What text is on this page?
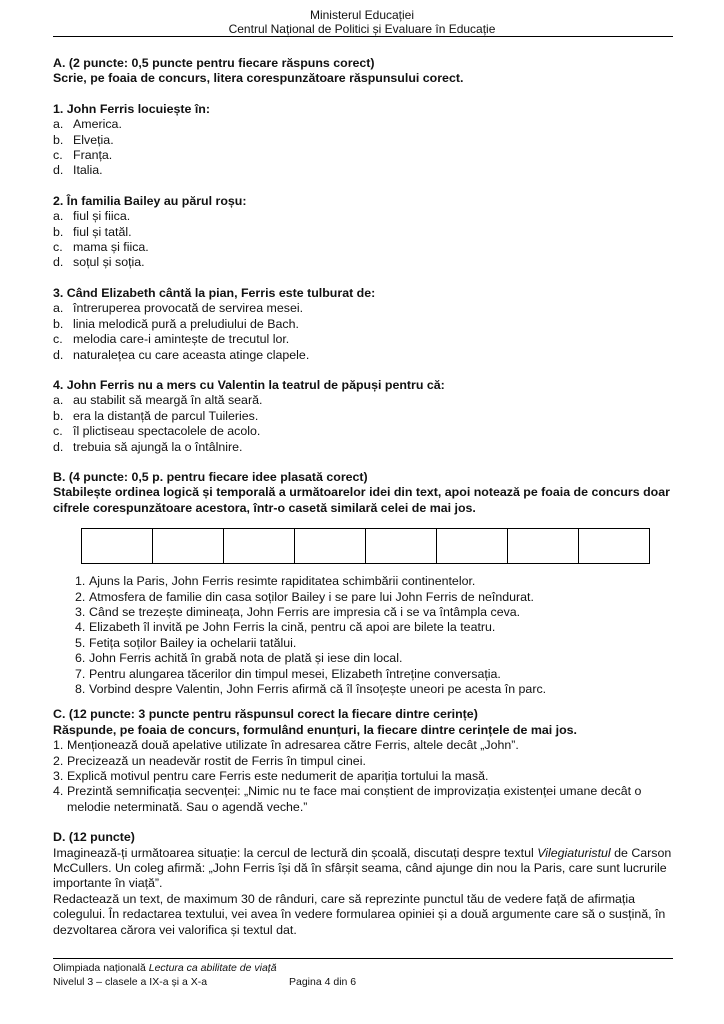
Ministerul Educației
Centrul Național de Politici și Evaluare în Educație

A. (2 puncte: 0,5 puncte pentru fiecare răspuns corect)

Scrie, pe foaia de concurs, litera corespunzătoare răspunsului corect.

1. John Ferris locuiește în:

a. America.
b. Elveția.
c. Franța.
d. Italia.

2. În familia Bailey au părul roșu:

a. fiul și fiica.
b. fiul și tatăl.
c. mama și fiica.
d. soțul și soția.

3. Când Elizabeth cântă la pian, Ferris este tulburat de:

a. întreruperea provocată de servirea mesei.
b. linia melodică pură a preludiului de Bach.
c. melodia care-i amintește de trecutul lor.
d. naturalețea cu care aceasta atinge clapele.

4. John Ferris nu a mers cu Valentin la teatrul de păpuși pentru că:

a. au stabilit să meargă în altă seară.
b. era la distanță de parcul Tuileries.
c. îl plictiseau spectacolele de acolo.
d. trebuia să ajungă la o întâlnire.

B. (4 puncte: 0,5 p. pentru fiecare idee plasată corect)

Stabilește ordinea logică și temporală a următoarelor idei din text, apoi notează pe foaia de concurs doar cifrele corespunzătoare acestora, într-o casetă similară celei de mai jos.

1. Ajuns la Paris, John Ferris resimte rapiditatea schimbării continentelor.
2. Atmosfera de familie din casa soților Bailey i se pare lui John Ferris de neîndurat.
3. Când se trezește dimineața, John Ferris are impresia că i se va întâmpla ceva.
4. Elizabeth îl invită pe John Ferris la cină, pentru că apoi are bilete la teatru.
5. Fetița soților Bailey ia ochelarii tatălui.
6. John Ferris achită în grabă nota de plată și iese din local.
7. Pentru alungarea tăcerilor din timpul mesei, Elizabeth întreține conversația.
8. Vorbind despre Valentin, John Ferris afirmă că îl însoțește uneori pe acesta în parc.

C. (12 puncte: 3 puncte pentru răspunsul corect la fiecare dintre cerințe)

Răspunde, pe foaia de concurs, formulând enunțuri, la fiecare dintre cerințele de mai jos.

1. Menționează două apelative utilizate în adresarea către Ferris, altele decât „John”.
2. Precizează un neadevăr rostit de Ferris în timpul cinei.
3. Explică motivul pentru care Ferris este nedumerit de apariția tortului la masă.
4. Prezintă semnificația secvenței: „Nimic nu te face mai conștient de improvizația existenței umane decât o melodie neterminată. Sau o agendă veche.”

D. (12 puncte)

Imaginează-ți următoarea situație: la cercul de lectură din școală, discutați despre textul Vilegiaturistul de Carson McCullers. Un coleg afirmă: „John Ferris își dă în sfârșit seama, când ajunge din nou la Paris, care sunt lucrurile importante în viață”.

Redactează un text, de maximum 30 de rânduri, care să reprezinte punctul tău de vedere față de afirmația colegului. În redactarea textului, vei avea în vedere formularea opiniei și a două argumente care să o susțină, în dezvoltarea cărora vei valorifica și textul dat.

Olimpiada națională Lectura ca abilitate de viață
Nivelul 3 – clasele a IX-a și a X-a	Pagina 4 din 6
